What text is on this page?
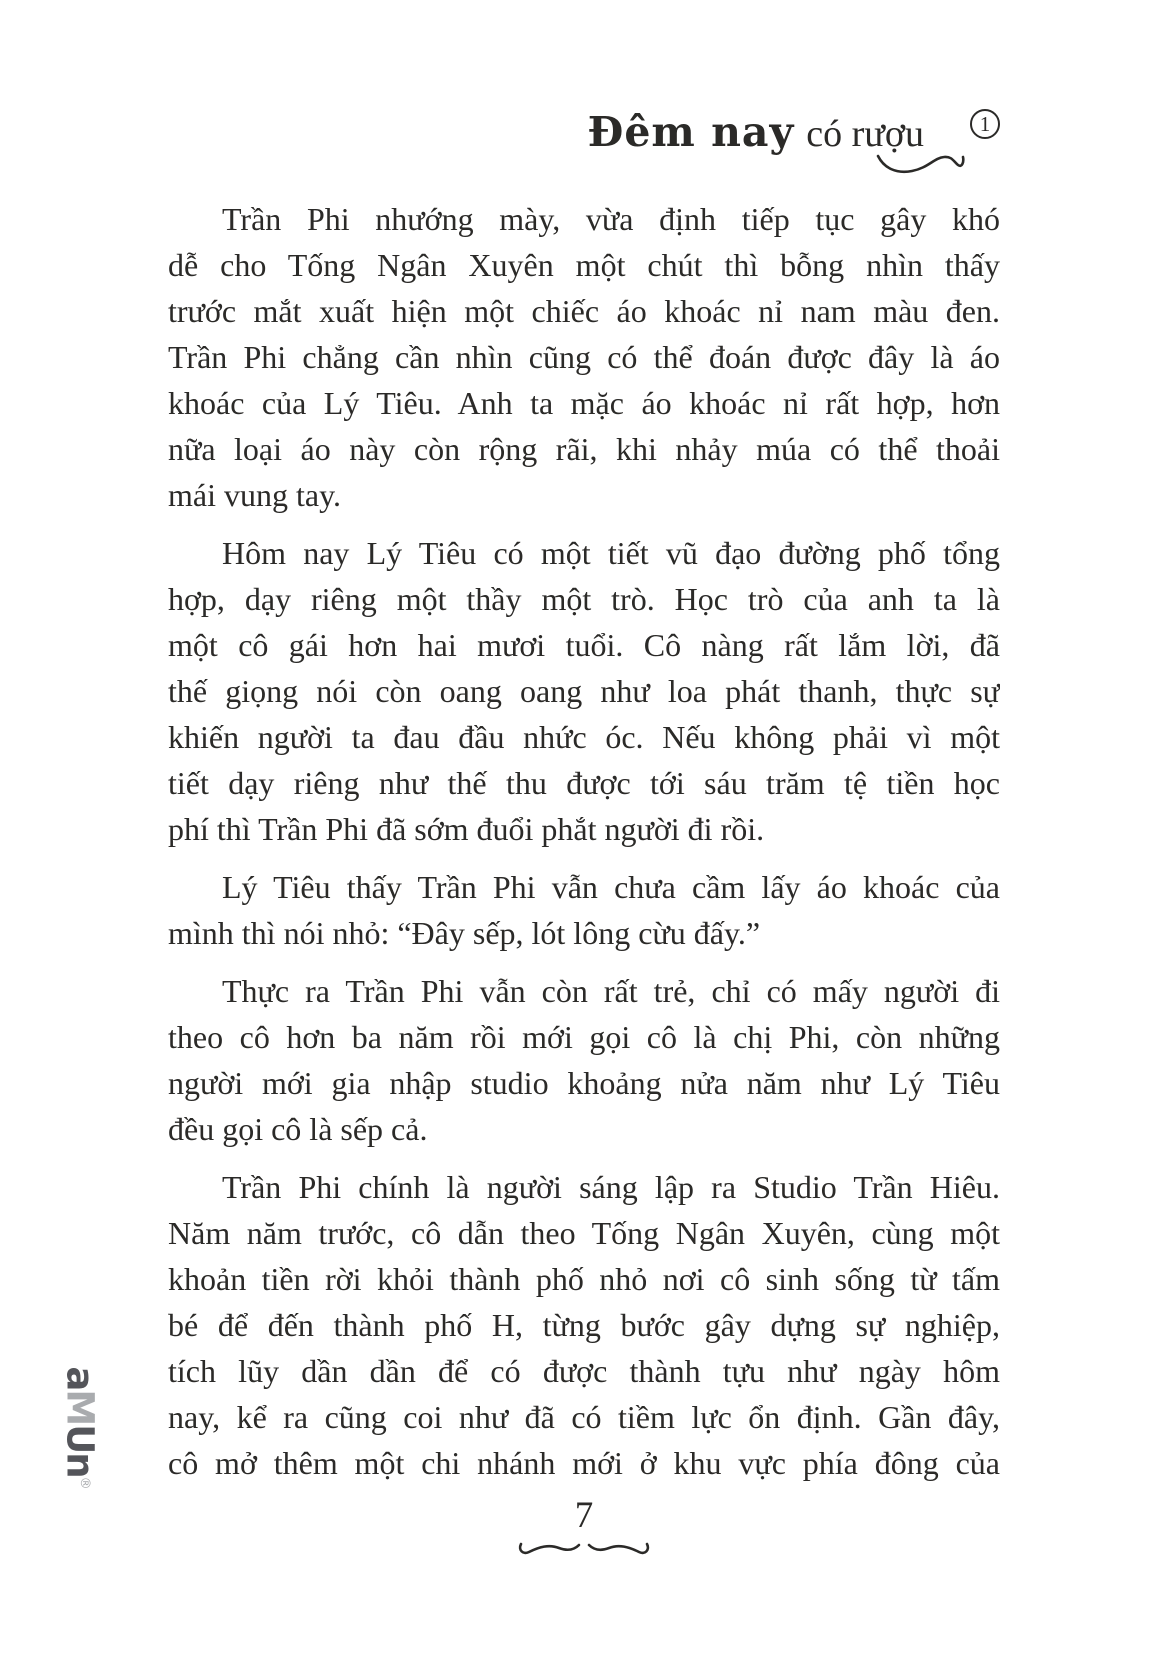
Đêm nay có rượu	1
Trần Phi nhướng mày, vừa định tiếp tục gây khó
dễ cho Tống Ngân Xuyên một chút thì bỗng nhìn thấy
trước mắt xuất hiện một chiếc áo khoác nỉ nam màu đen.
Trần Phi chẳng cần nhìn cũng có thể đoán được đây là áo
khoác của Lý Tiêu. Anh ta mặc áo khoác nỉ rất hợp, hơn
nữa loại áo này còn rộng rãi, khi nhảy múa có thể thoải
mái vung tay.
Hôm nay Lý Tiêu có một tiết vũ đạo đường phố tổng
hợp, dạy riêng một thầy một trò. Học trò của anh ta là
một cô gái hơn hai mươi tuổi. Cô nàng rất lắm lời, đã
thế giọng nói còn oang oang như loa phát thanh, thực sự
khiến người ta đau đầu nhức óc. Nếu không phải vì một
tiết dạy riêng như thế thu được tới sáu trăm tệ tiền học
phí thì Trần Phi đã sớm đuổi phắt người đi rồi.
Lý Tiêu thấy Trần Phi vẫn chưa cầm lấy áo khoác của
mình thì nói nhỏ: “Đây sếp, lót lông cừu đấy.”
Thực ra Trần Phi vẫn còn rất trẻ, chỉ có mấy người đi
theo cô hơn ba năm rồi mới gọi cô là chị Phi, còn những
người mới gia nhập studio khoảng nửa năm như Lý Tiêu
đều gọi cô là sếp cả.
Trần Phi chính là người sáng lập ra Studio Trần Hiêu.
Năm năm trước, cô dẫn theo Tống Ngân Xuyên, cùng một
khoản tiền rời khỏi thành phố nhỏ nơi cô sinh sống từ tấm
bé để đến thành phố H, từng bước gây dựng sự nghiệp,
tích lũy dần dần để có được thành tựu như ngày hôm
nay, kể ra cũng coi như đã có tiềm lực ổn định. Gần đây,
cô mở thêm một chi nhánh mới ở khu vực phía đông của
7
aMUn®
